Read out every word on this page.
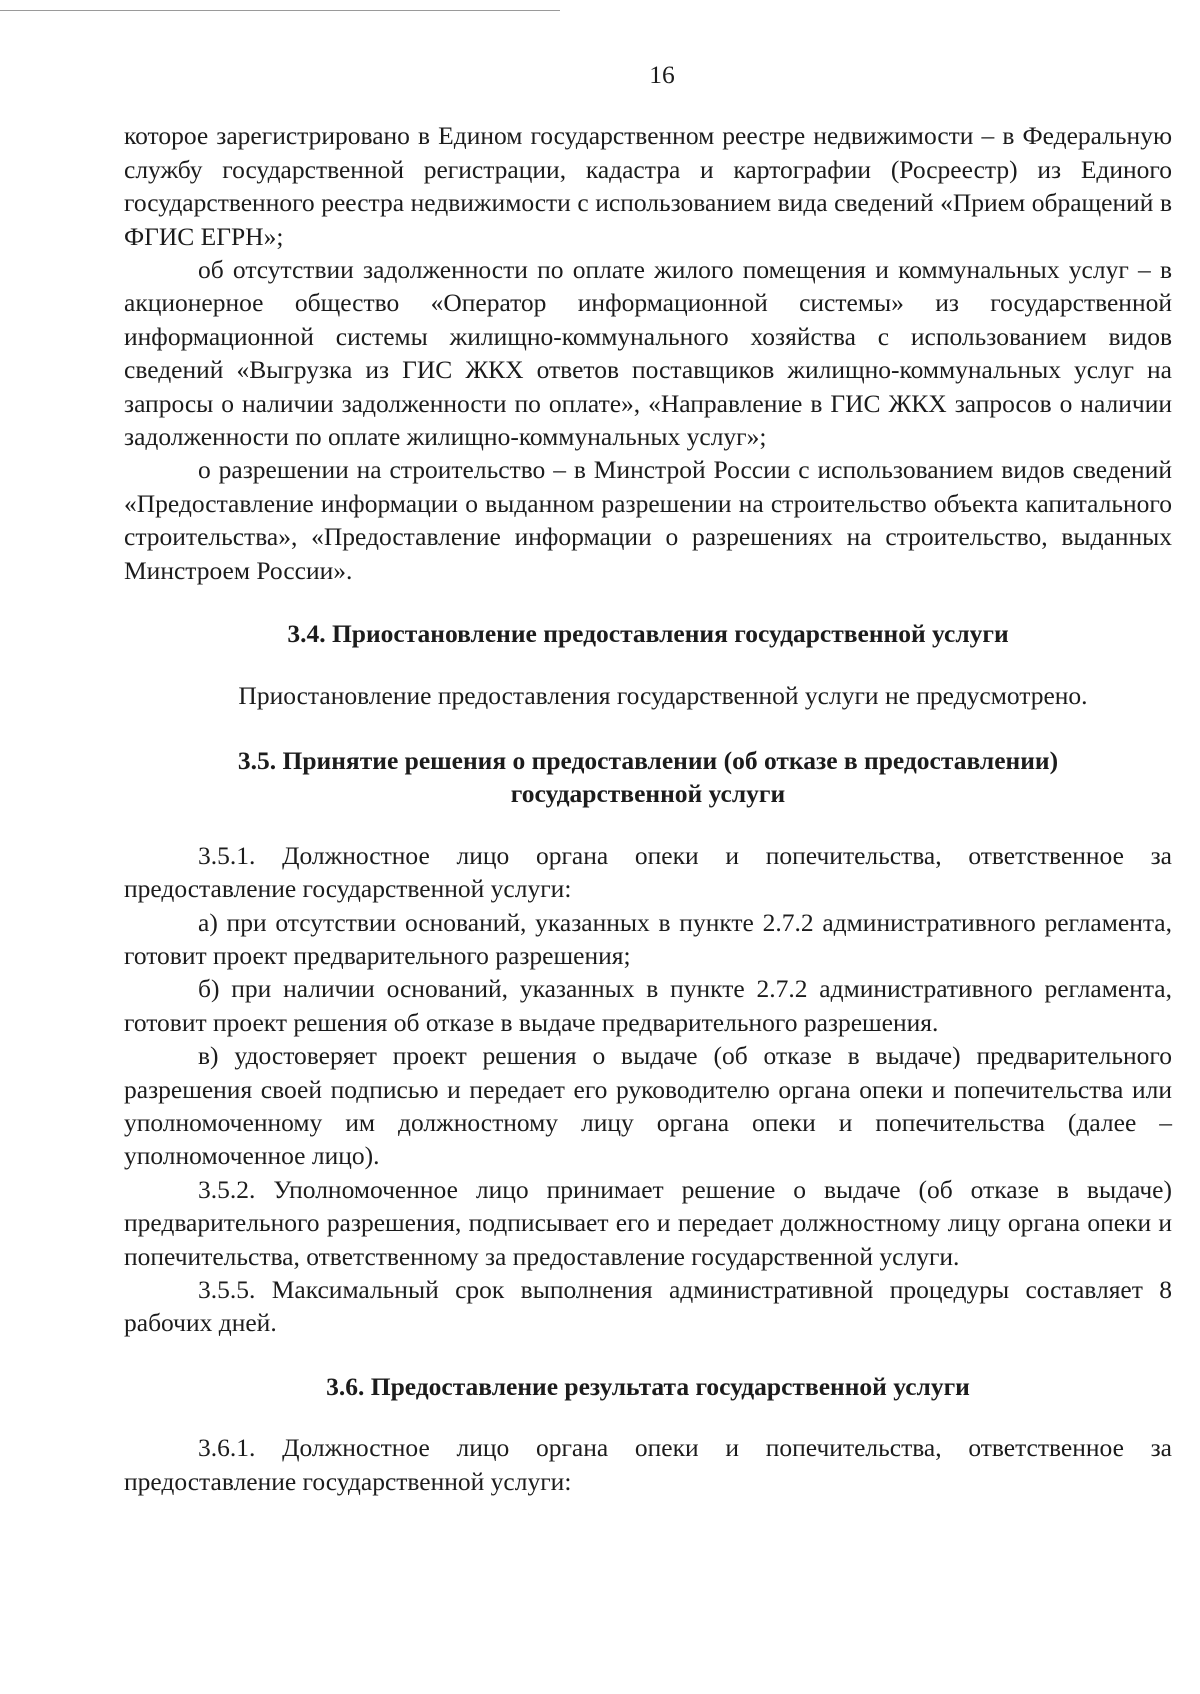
16

которое зарегистрировано в Едином государственном реестре недвижимости – в Федеральную службу государственной регистрации, кадастра и картографии (Росреестр) из Единого государственного реестра недвижимости с использованием вида сведений «Прием обращений в ФГИС ЕГРН»;

об отсутствии задолженности по оплате жилого помещения и коммунальных услуг – в акционерное общество «Оператор информационной системы» из государственной информационной системы жилищно-коммунального хозяйства с использованием видов сведений «Выгрузка из ГИС ЖКХ ответов поставщиков жилищно-коммунальных услуг на запросы о наличии задолженности по оплате», «Направление в ГИС ЖКХ запросов о наличии задолженности по оплате жилищно-коммунальных услуг»;

о разрешении на строительство – в Минстрой России с использованием видов сведений «Предоставление информации о выданном разрешении на строительство объекта капитального строительства», «Предоставление информации о разрешениях на строительство, выданных Минстроем России».

3.4. Приостановление предоставления государственной услуги

Приостановление предоставления государственной услуги не предусмотрено.

3.5. Принятие решения о предоставлении (об отказе в предоставлении)
государственной услуги

3.5.1. Должностное лицо органа опеки и попечительства, ответственное за предоставление государственной услуги:

а) при отсутствии оснований, указанных в пункте 2.7.2 административного регламента, готовит проект предварительного разрешения;

б) при наличии оснований, указанных в пункте 2.7.2 административного регламента, готовит проект решения об отказе в выдаче предварительного разрешения.

в) удостоверяет проект решения о выдаче (об отказе в выдаче) предварительного разрешения своей подписью и передает его руководителю органа опеки и попечительства или уполномоченному им должностному лицу органа опеки и попечительства (далее – уполномоченное лицо).

3.5.2. Уполномоченное лицо принимает решение о выдаче (об отказе в выдаче) предварительного разрешения, подписывает его и передает должностному лицу органа опеки и попечительства, ответственному за предоставление государственной услуги.

3.5.5. Максимальный срок выполнения административной процедуры составляет 8 рабочих дней.

3.6. Предоставление результата государственной услуги

3.6.1. Должностное лицо органа опеки и попечительства, ответственное за предоставление государственной услуги:
